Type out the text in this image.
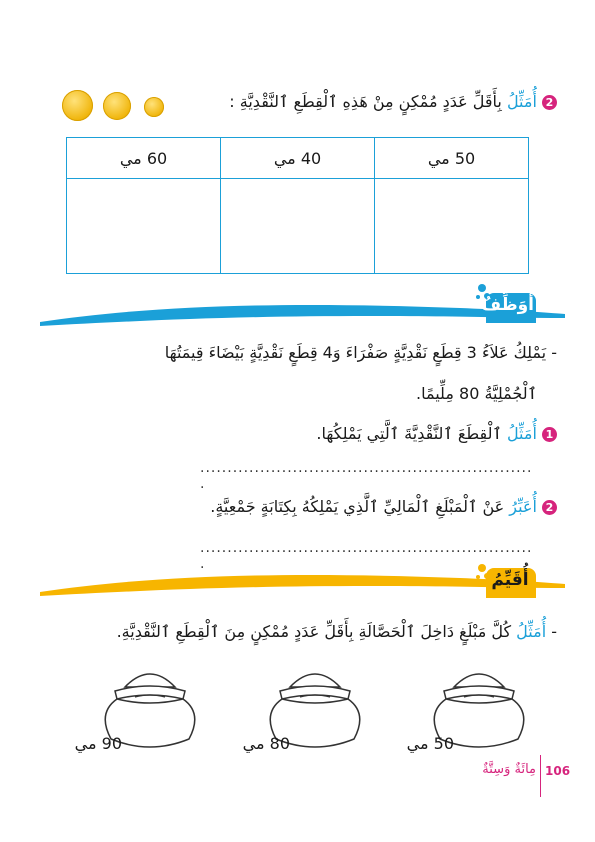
2 أُمَثِّلُ بِأَقَلِّ عَدَدٍ مُمْكِنٍ مِنْ هَذِهِ ٱلْقِطَعِ ٱلنَّقْدِيَّةِ :
50 مي	40 مي	60 مي

أُوَظِّفُ
- يَمْلِكُ عَلاَءُ 3 قِطَعٍ نَقْدِيَّةٍ صَفْرَاءَ وَ4 قِطَعٍ نَقْدِيَّةٍ بَيْضَاءَ قِيمَتُهَا
ٱلْجُمْلِيَّةُ 80 مِلِّيمًا.
1 أُمَثِّلُ ٱلْقِطَعَ ٱلنَّقْدِيَّةَ ٱلَّتِي يَمْلِكُهَا.
............................................................. .
2 أُعَبِّرُ عَنْ ٱلْمَبْلَغِ ٱلْمَالِيِّ ٱلَّذِي يَمْلِكُهُ بِكِتَابَةٍ جَمْعِيَّةٍ.
............................................................. .
أُقَيِّمُ
- أُمَثِّلُ كُلَّ مَبْلَغٍ دَاخِلَ ٱلْحَصَّالَةِ بِأَقَلِّ عَدَدٍ مُمْكِنٍ مِنَ ٱلْقِطَعِ ٱلنَّقْدِيَّةِ.
50 مي
80 مي
90 مي
106
مِائَةٌ وَسِتَّةٌ
